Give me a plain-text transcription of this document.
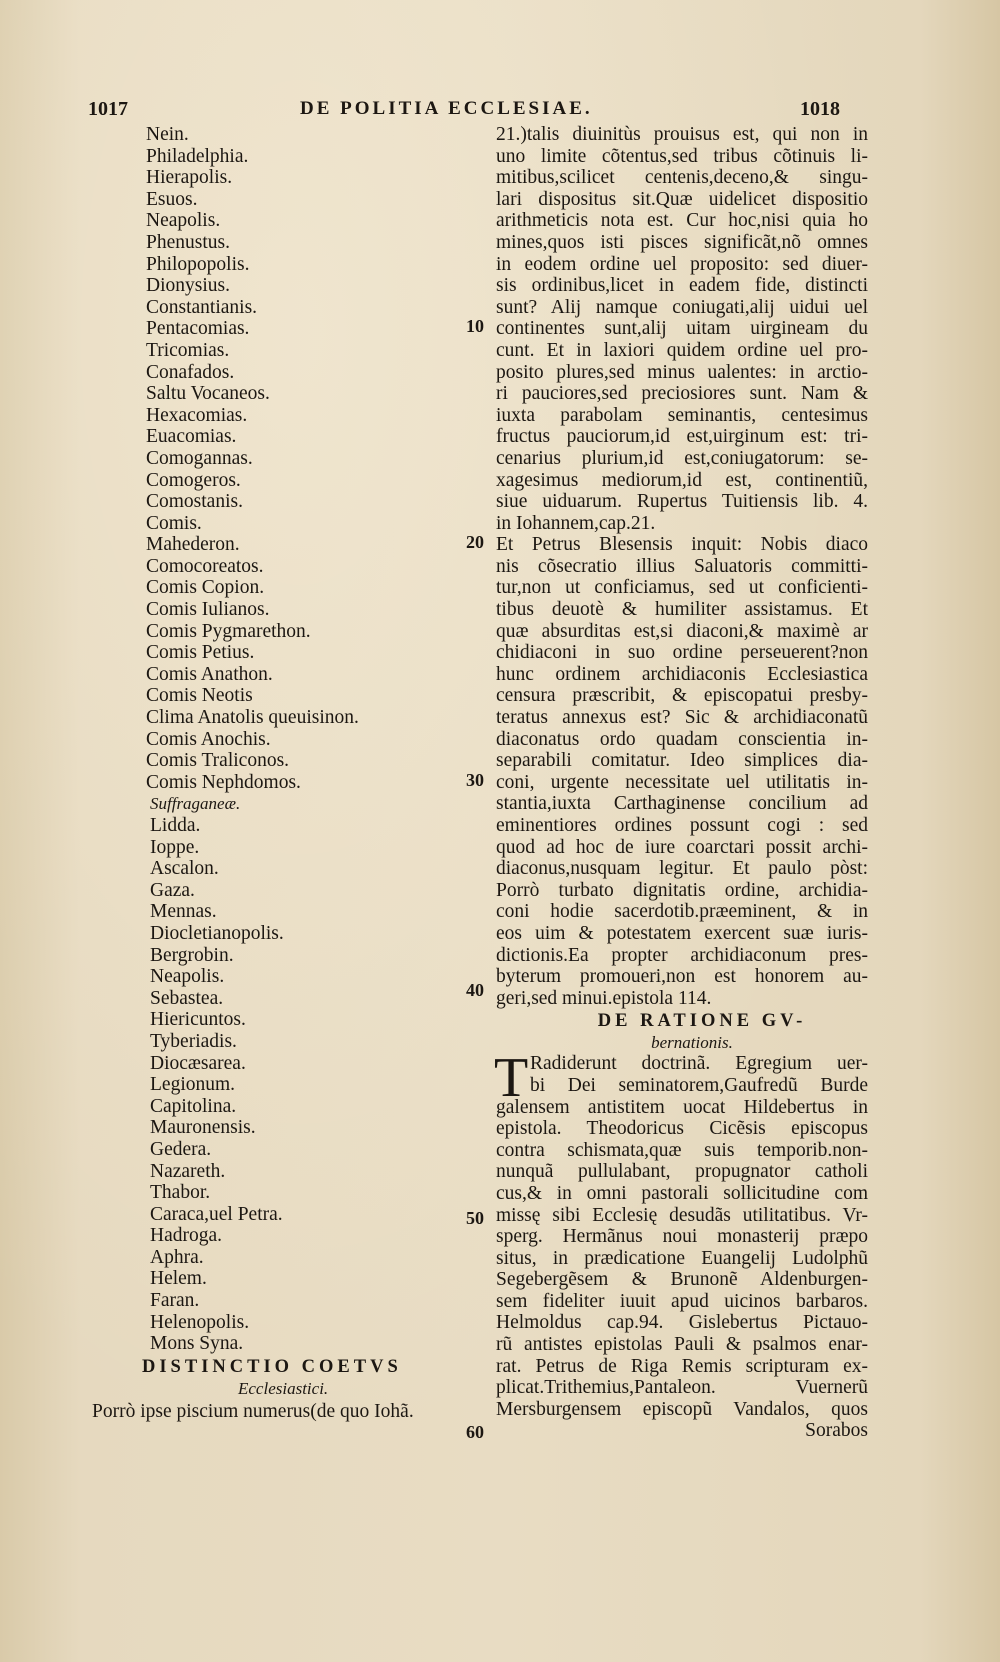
1017	DE POLITIA ECCLESIAE.	1018
Nein.
Philadelphia.
Hierapolis.
Esuos.
Neapolis.
Phenustus.
Philopopolis.
Dionysius.
Constantianis.
Pentacomias.
Tricomias.
Conafados.
Saltu Vocaneos.
Hexacomias.
Euacomias.
Comogannas.
Comogeros.
Comostanis.
Comis.
Mahederon.
Comocoreatos.
Comis Copion.
Comis Iulianos.
Comis Pygmarethon.
Comis Petius.
Comis Anathon.
Comis Neotis
Clima Anatolis queuisinon.
Comis Anochis.
Comis Traliconos.
Comis Nephdomos.
Suffraganeæ.
Lidda.
Ioppe.
Ascalon.
Gaza.
Mennas.
Diocletianopolis.
Bergrobin.
Neapolis.
Sebastea.
Hiericuntos.
Tyberiadis.
Diocæsarea.
Legionum.
Capitolina.
Mauronensis.
Gedera.
Nazareth.
Thabor.
Caraca,uel Petra.
Hadroga.
Aphra.
Helem.
Faran.
Helenopolis.
Mons Syna.
DISTINCTIO COETVS
Ecclesiastici.
Porrò ipse piscium numerus(de quo Iohã.
10
20
30
40
50
60
21.)talis diuinitùs prouisus est, qui non in
uno limite cõtentus,sed tribus cõtinuis li-
mitibus,scilicet centenis,deceno,& singu-
lari dispositus sit.Quæ uidelicet dispositio
arithmeticis nota est. Cur hoc,nisi quia ho
mines,quos isti pisces significãt,nõ omnes
in eodem ordine uel proposito: sed diuer-
sis ordinibus,licet in eadem fide, distincti
sunt? Alij namque coniugati,alij uidui uel
continentes sunt,alij uitam uirgineam du
cunt. Et in laxiori quidem ordine uel pro-
posito plures,sed minus ualentes: in arctio-
ri pauciores,sed preciosiores sunt. Nam &
iuxta parabolam seminantis, centesimus
fructus pauciorum,id est,uirginum est: tri-
cenarius plurium,id est,coniugatorum: se-
xagesimus mediorum,id est, continentiũ,
siue uiduarum. Rupertus Tuitiensis lib. 4.
in Iohannem,cap.21.
Et Petrus Blesensis inquit: Nobis diaco
nis cõsecratio illius Saluatoris committi-
tur,non ut conficiamus, sed ut conficienti-
tibus deuotè & humiliter assistamus. Et
quæ absurditas est,si diaconi,& maximè ar
chidiaconi in suo ordine perseuerent?non
hunc ordinem archidiaconis Ecclesiastica
censura præscribit, & episcopatui presby-
teratus annexus est? Sic & archidiaconatũ
diaconatus ordo quadam conscientia in-
separabili comitatur. Ideo simplices dia-
coni, urgente necessitate uel utilitatis in-
stantia,iuxta Carthaginense concilium ad
eminentiores ordines possunt cogi : sed
quod ad hoc de iure coarctari possit archi-
diaconus,nusquam legitur. Et paulo pòst:
Porrò turbato dignitatis ordine, archidia-
coni hodie sacerdotib.præeminent, & in
eos uim & potestatem exercent suæ iuris-
dictionis.Ea propter archidiaconum pres-
byterum promoueri,non est honorem au-
geri,sed minui.epistola 114.
DE RATIONE GV-
bernationis.
T Radiderunt doctrinã. Egregium uer-
bi Dei seminatorem,Gaufredũ Burde
galensem antistitem uocat Hildebertus in
epistola. Theodoricus Cicẽsis episcopus
contra schismata,quæ suis temporib.non-
nunquã pullulabant, propugnator catholi
cus,& in omni pastorali sollicitudine com
missę sibi Ecclesię desudãs utilitatibus. Vr-
sperg. Hermãnus noui monasterij præpo
situs, in prædicatione Euangelij Ludolphũ
Segebergẽsem & Brunonẽ Aldenburgen-
sem fideliter iuuit apud uicinos barbaros.
Helmoldus cap.94. Gislebertus Pictauo-
rũ antistes epistolas Pauli & psalmos enar-
rat. Petrus de Riga Remis scripturam ex-
plicat.Trithemius,Pantaleon. Vuernerũ
Mersburgensem episcopũ Vandalos, quos
Sorabos
